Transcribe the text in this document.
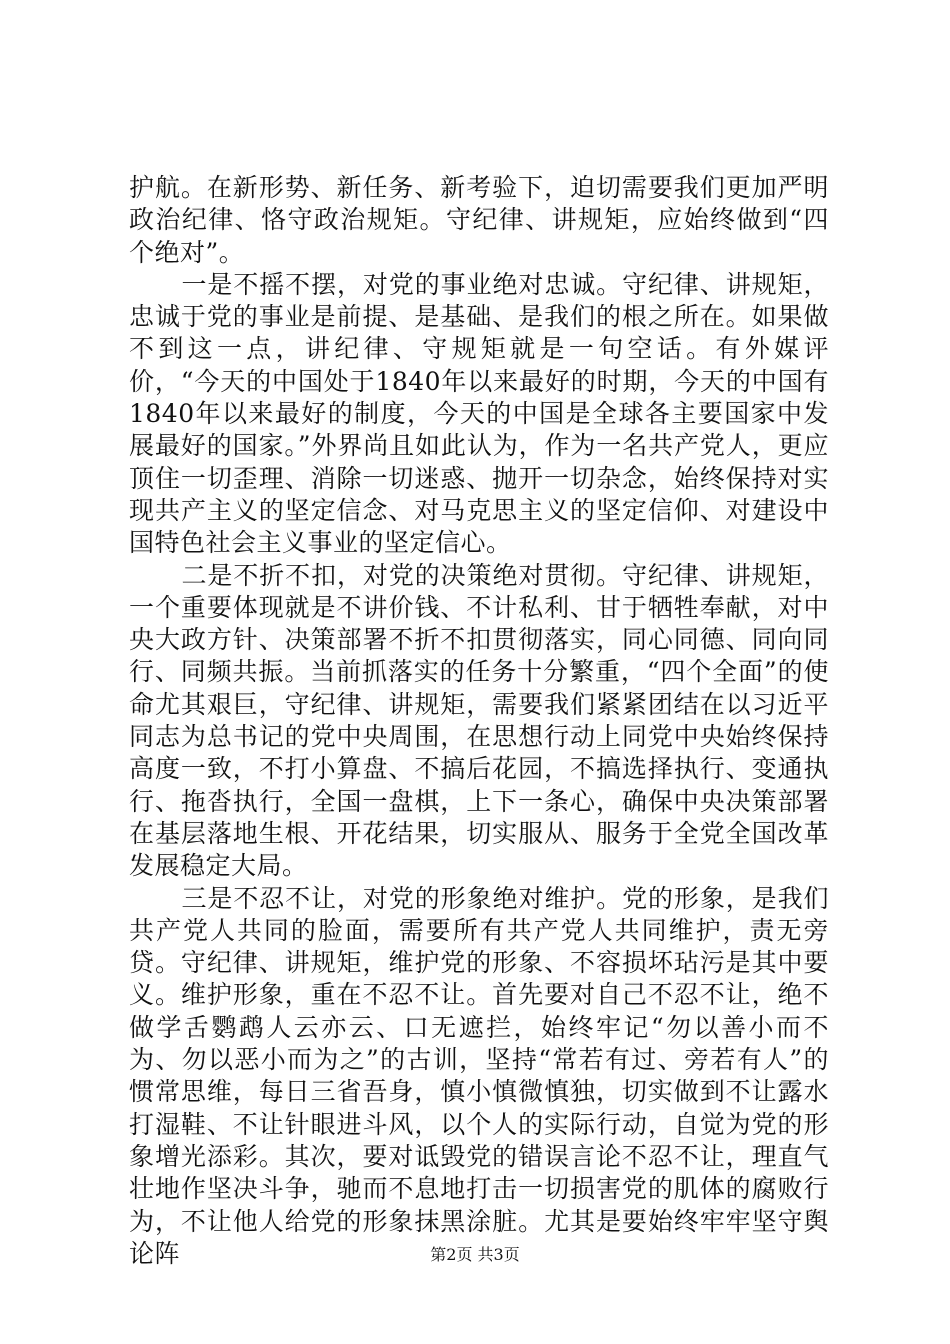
护航。在新形势、新任务、新考验下，迫切需要我们更加严明政治纪律、恪守政治规矩。守纪律、讲规矩，应始终做到“四个绝对”。

一是不摇不摆，对党的事业绝对忠诚。守纪律、讲规矩，忠诚于党的事业是前提、是基础、是我们的根之所在。如果做不到这一点，讲纪律、守规矩就是一句空话。有外媒评价，“今天的中国处于1840年以来最好的时期，今天的中国有1840年以来最好的制度，今天的中国是全球各主要国家中发展最好的国家。”外界尚且如此认为，作为一名共产党人，更应顶住一切歪理、消除一切迷惑、抛开一切杂念，始终保持对实现共产主义的坚定信念、对马克思主义的坚定信仰、对建设中国特色社会主义事业的坚定信心。

二是不折不扣，对党的决策绝对贯彻。守纪律、讲规矩，一个重要体现就是不讲价钱、不计私利、甘于牺牲奉献，对中央大政方针、决策部署不折不扣贯彻落实，同心同德、同向同行、同频共振。当前抓落实的任务十分繁重，“四个全面”的使命尤其艰巨，守纪律、讲规矩，需要我们紧紧团结在以习近平同志为总书记的党中央周围，在思想行动上同党中央始终保持高度一致，不打小算盘、不搞后花园，不搞选择执行、变通执行、拖沓执行，全国一盘棋，上下一条心，确保中央决策部署在基层落地生根、开花结果，切实服从、服务于全党全国改革发展稳定大局。

三是不忍不让，对党的形象绝对维护。党的形象，是我们共产党人共同的脸面，需要所有共产党人共同维护，责无旁贷。守纪律、讲规矩，维护党的形象、不容损坏玷污是其中要义。维护形象，重在不忍不让。首先要对自己不忍不让，绝不做学舌鹦鹉人云亦云、口无遮拦，始终牢记“勿以善小而不为、勿以恶小而为之”的古训，坚持“常若有过、旁若有人”的惯常思维，每日三省吾身，慎小慎微慎独，切实做到不让露水打湿鞋、不让针眼进斗风，以个人的实际行动，自觉为党的形象增光添彩。其次，要对诋毁党的错误言论不忍不让，理直气壮地作坚决斗争，驰而不息地打击一切损害党的肌体的腐败行为，不让他人给党的形象抹黑涂脏。尤其是要始终牢牢坚守舆论阵	第2页 共3页
